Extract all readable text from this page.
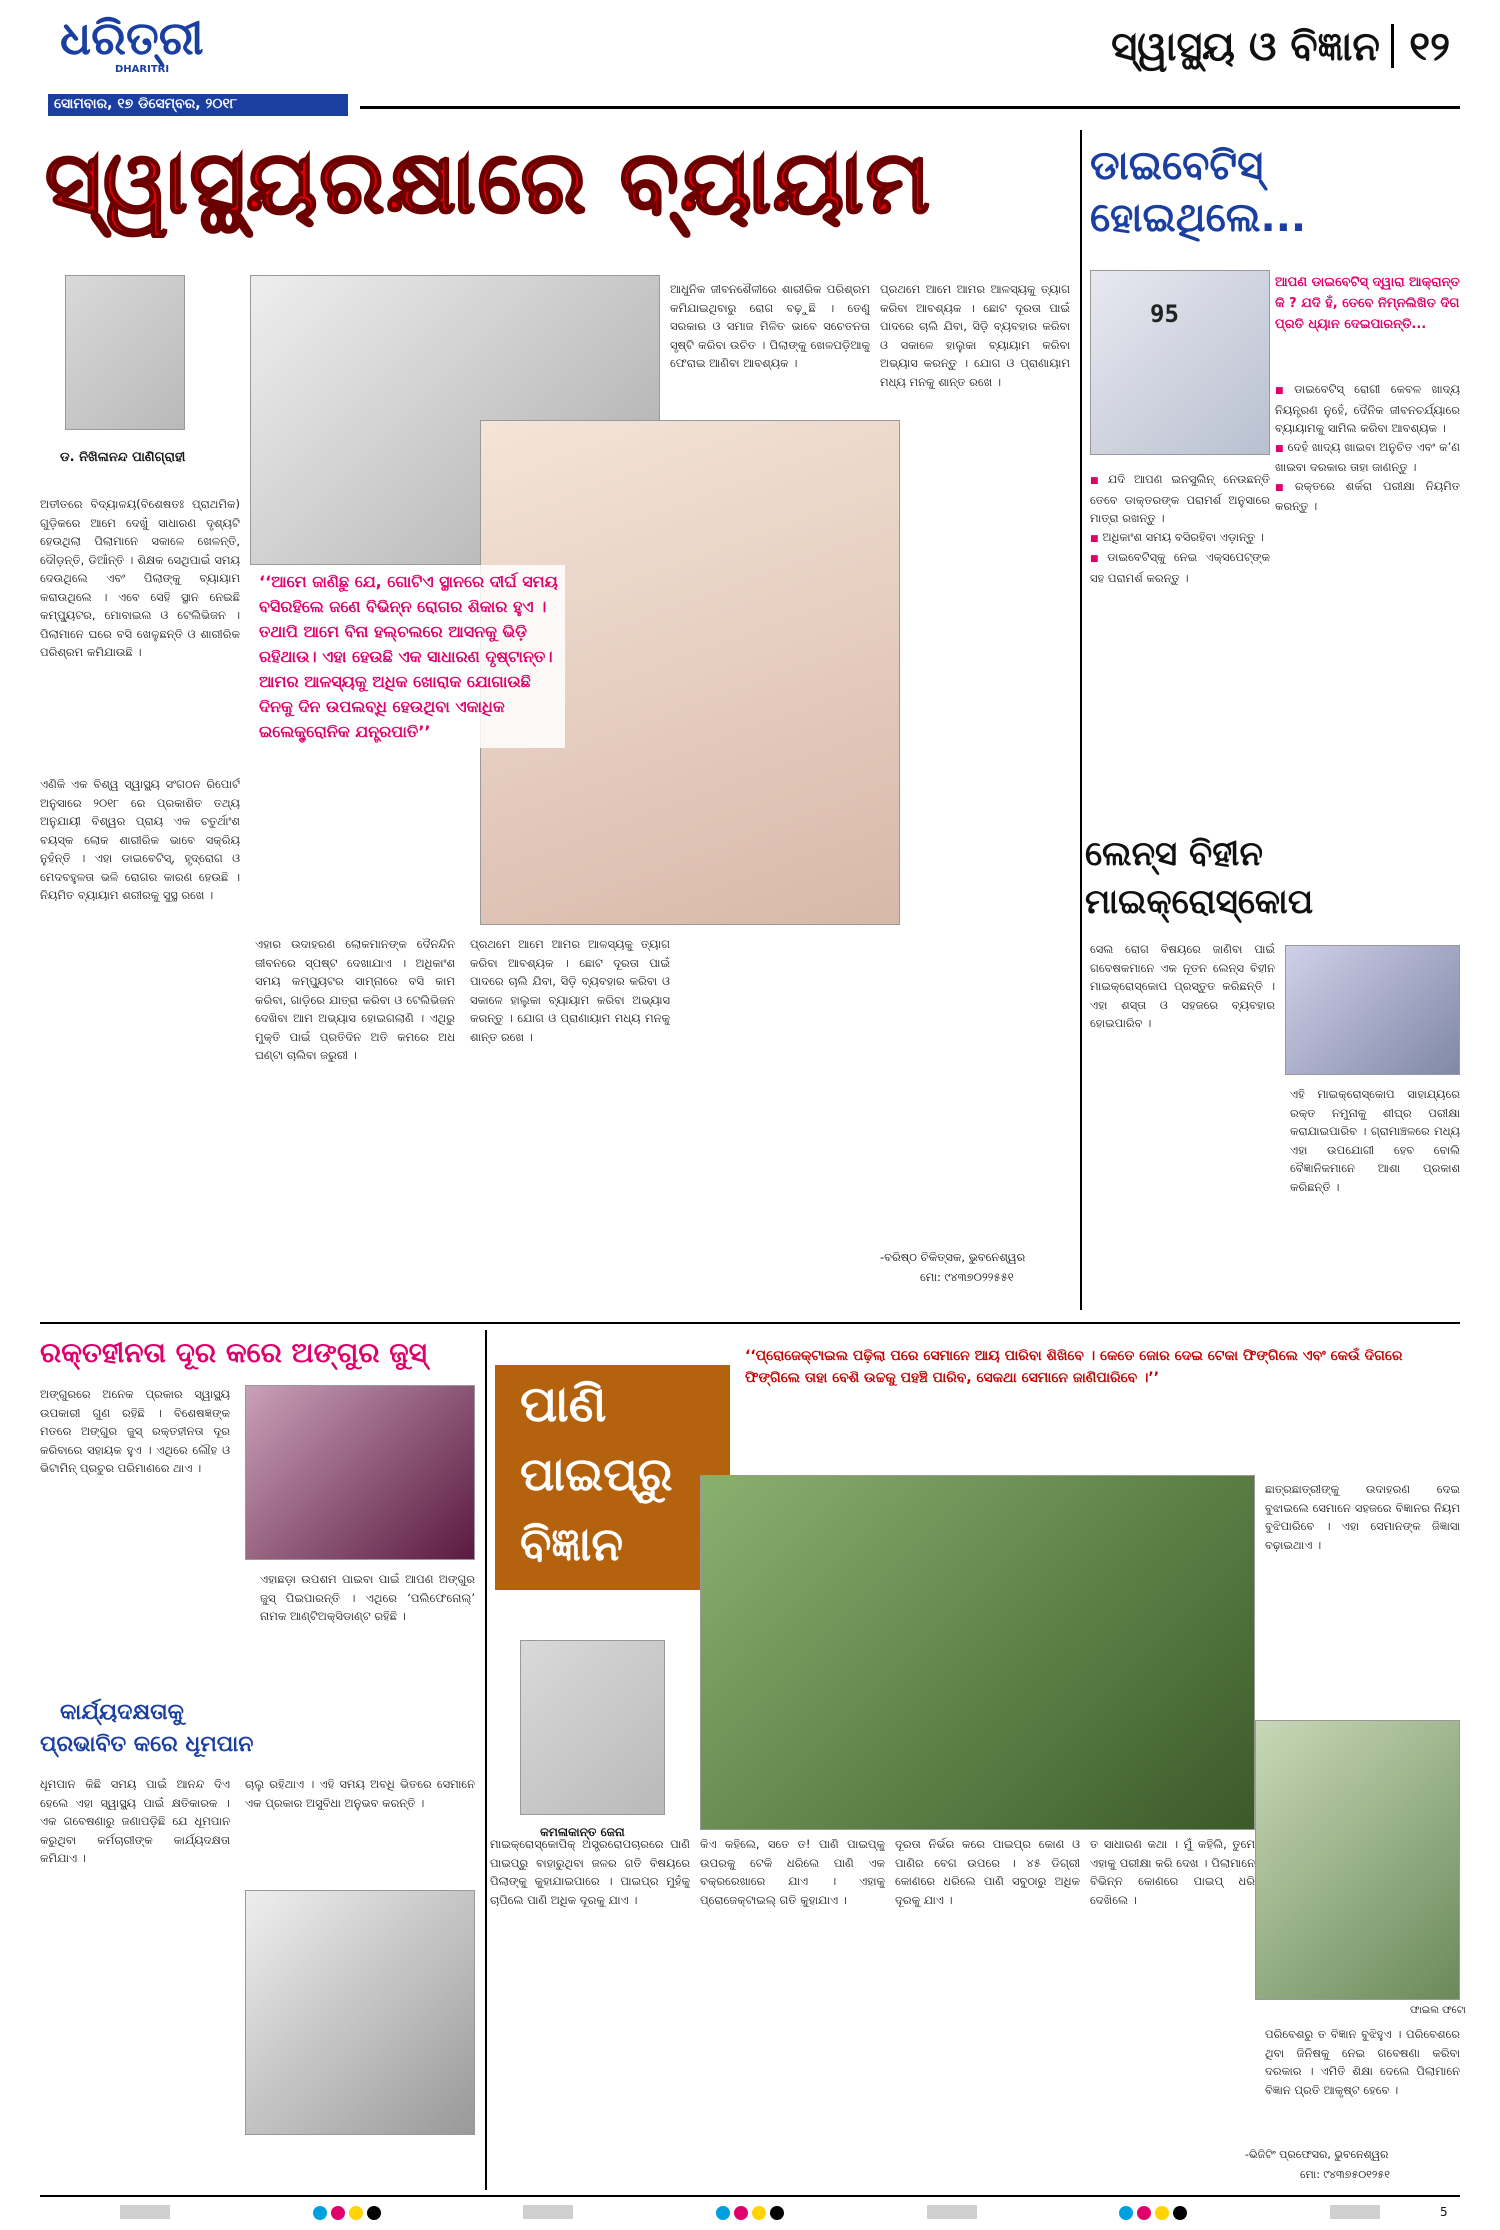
ଧରିତ୍ରୀ
DHARITRI
ସୋମବାର, ୧୭ ଡିସେମ୍ବର, ୨୦୧୮
ସ୍ୱାସ୍ଥ୍ୟ ଓ ବିଜ୍ଞାନ ୧୨
ସ୍ୱାସ୍ଥ୍ୟରକ୍ଷାରେ ବ୍ୟାୟାମ
ଡ. ନିଖିଳାନନ୍ଦ ପାଣିଗ୍ରାହୀ
‘‘ଆମେ ଜାଣିଛୁ ଯେ, ଗୋଟିଏ ସ୍ଥାନରେ ଦୀର୍ଘ ସମୟ ବସିରହିଲେ ଜଣେ ବିଭିନ୍ନ ରୋଗର ଶିକାର ହୁଏ । ତଥାପି ଆମେ ବିନା ହଲ୍‌ଚଲରେ ଆସନକୁ ଭିଡ଼ି ରହିଥାଉ। ଏହା ହେଉଛି ଏକ ସାଧାରଣ ଦୃଷ୍ଟାନ୍ତ। ଆମର ଆଳସ୍ୟକୁ ଅଧିକ ଖୋରାକ ଯୋଗାଉଛି ଦିନକୁ ଦିନ ଉପଲବ୍ଧି ହେଉଥିବା ଏକାଧିକ ଇଲେକ୍ଟ୍ରୋନିକ ଯନ୍ତ୍ରପାତି’’
ଅତୀତରେ ବିଦ୍ୟାଳୟ(ବିଶେଷତଃ ପ୍ରାଥମିକ) ଗୁଡ଼ିକରେ ଆମେ ଦେଖୁଁ ସାଧାରଣ ଦୃଶ୍ୟଟି ହେଉଥିଲା ପିଲାମାନେ ସକାଳେ ଖେଳନ୍ତି, ଦୌଡ଼ନ୍ତି, ଡିଆଁନ୍ତି । ଶିକ୍ଷକ ସେଥିପାଇଁ ସମୟ ଦେଉଥିଲେ ଏବଂ ପିଲାଙ୍କୁ ବ୍ୟାୟାମ କରାଉଥିଲେ । ଏବେ ସେହି ସ୍ଥାନ ନେଇଛି କମ୍ପ୍ୟୁଟର, ମୋବାଇଲ ଓ ଟେଲିଭିଜନ । ପିଲାମାନେ ଘରେ ବସି ଖେଳୁଛନ୍ତି ଓ ଶାରୀରିକ ପରିଶ୍ରମ କମିଯାଉଛି ।
ଏଣିକି ଏକ ବିଶ୍ୱ ସ୍ୱାସ୍ଥ୍ୟ ସଂଗଠନ ରିପୋର୍ଟ ଅନୁସାରେ ୨୦୧୮ ରେ ପ୍ରକାଶିତ ତଥ୍ୟ ଅନୁଯାୟୀ ବିଶ୍ୱର ପ୍ରାୟ ଏକ ଚତୁର୍ଥାଂଶ ବୟସ୍କ ଲୋକ ଶାରୀରିକ ଭାବେ ସକ୍ରିୟ ନୁହଁନ୍ତି । ଏହା ଡାଇବେଟିସ୍, ହୃଦ୍‌ରୋଗ ଓ ମେଦବହୁଳତା ଭଳି ରୋଗର କାରଣ ହେଉଛି । ନିୟମିତ ବ୍ୟାୟାମ ଶରୀରକୁ ସୁସ୍ଥ ରଖେ ।
ଏହାର ଉଦାହରଣ ଲୋକମାନଙ୍କ ଦୈନନ୍ଦିନ ଜୀବନରେ ସ୍ପଷ୍ଟ ଦେଖାଯାଏ । ଅଧିକାଂଶ ସମୟ କମ୍ପ୍ୟୁଟର ସାମ୍ନାରେ ବସି କାମ କରିବା, ଗାଡ଼ିରେ ଯାତ୍ରା କରିବା ଓ ଟେଲିଭିଜନ ଦେଖିବା ଆମ ଅଭ୍ୟାସ ହୋଇଗଲାଣି । ଏଥିରୁ ମୁକ୍ତି ପାଇଁ ପ୍ରତିଦିନ ଅତି କମରେ ଅଧ ଘଣ୍ଟା ଚାଲିବା ଜରୁରୀ ।
ପ୍ରଥମେ ଆମେ ଆମର ଆଳସ୍ୟକୁ ତ୍ୟାଗ କରିବା ଆବଶ୍ୟକ । ଛୋଟ ଦୂରତା ପାଇଁ ପାଦରେ ଚାଲି ଯିବା, ସିଡ଼ି ବ୍ୟବହାର କରିବା ଓ ସକାଳେ ହାଲୁକା ବ୍ୟାୟାମ କରିବା ଅଭ୍ୟାସ କରନ୍ତୁ । ଯୋଗ ଓ ପ୍ରାଣାୟାମ ମଧ୍ୟ ମନକୁ ଶାନ୍ତ ରଖେ ।
ଆଧୁନିକ ଜୀବନଶୈଳୀରେ ଶାରୀରିକ ପରିଶ୍ରମ କମିଯାଇଥିବାରୁ ରୋଗ ବଢ଼ୁଛି । ତେଣୁ ସରକାର ଓ ସମାଜ ମିଳିତ ଭାବେ ସଚେତନତା ସୃଷ୍ଟି କରିବା ଉଚିତ । ପିଲାଙ୍କୁ ଖେଳପଡ଼ିଆକୁ ଫେରାଇ ଆଣିବା ଆବଶ୍ୟକ ।
ପ୍ରଥମେ ଆମେ ଆମର ଆଳସ୍ୟକୁ ତ୍ୟାଗ କରିବା ଆବଶ୍ୟକ । ଛୋଟ ଦୂରତା ପାଇଁ ପାଦରେ ଚାଲି ଯିବା, ସିଡ଼ି ବ୍ୟବହାର କରିବା ଓ ସକାଳେ ହାଲୁକା ବ୍ୟାୟାମ କରିବା ଅଭ୍ୟାସ କରନ୍ତୁ । ଯୋଗ ଓ ପ୍ରାଣାୟାମ ମଧ୍ୟ ମନକୁ ଶାନ୍ତ ରଖେ ।
-ବରିଷ୍ଠ ଚିକିତ୍ସକ, ଭୁବନେଶ୍ୱର
ମୋ: ୯୪୩୭୦୨୨୫୫୧
ଡାଇବେଟିସ୍ ହୋଇଥିଲେ...
95
ଆପଣ ଡାଇବେଟିସ୍ ଦ୍ୱାରା ଆକ୍ରାନ୍ତ କି ? ଯଦି ହଁ, ତେବେ ନିମ୍ନଲିଖିତ ଦିଗ ପ୍ରତି ଧ୍ୟାନ ଦେଇପାରନ୍ତି...
■ ଡାଇବେଟିସ୍ ରୋଗୀ କେବଳ ଖାଦ୍ୟ ନିୟନ୍ତ୍ରଣ ନୁହେଁ, ଦୈନିକ ଜୀବନଚର୍ଯ୍ୟାରେ ବ୍ୟାୟାମକୁ ସାମିଲ କରିବା ଆବଶ୍ୟକ ।
■ ଦେହଁ ଖାଦ୍ୟ ଖାଇବା ଅନୁଚିତ ଏବଂ କ’ଣ ଖାଇବା ଦରକାର ତାହା ଜାଣନ୍ତୁ ।
■ ରକ୍ତରେ ଶର୍କରା ପରୀକ୍ଷା ନିୟମିତ କରନ୍ତୁ ।
■ ଯଦି ଆପଣ ଇନସୁଲିନ୍ ନେଉଛନ୍ତି ତେବେ ଡାକ୍ତରଙ୍କ ପରାମର୍ଶ ଅନୁସାରେ ମାତ୍ରା ରଖନ୍ତୁ ।
■ ଅଧିକାଂଶ ସମୟ ବସିରହିବା ଏଡ଼ାନ୍ତୁ ।
■ ଡାଇବେଟିସ୍‌କୁ ନେଇ ଏକ୍ସପେଟ୍ଙ୍କ ସହ ପରାମର୍ଶ କରନ୍ତୁ ।
ଲେନ୍ସ ବିହୀନ ମାଇକ୍ରୋସ୍କୋପ
ସେଲ ରୋଗ ବିଷୟରେ ଜାଣିବା ପାଇଁ ଗବେଷକମାନେ ଏକ ନୂତନ ଲେନ୍ସ ବିହୀନ ମାଇକ୍ରୋସ୍କୋପ ପ୍ରସ୍ତୁତ କରିଛନ୍ତି । ଏହା ଶସ୍ତା ଓ ସହଜରେ ବ୍ୟବହାର ହୋଇପାରିବ ।
ଏହି ମାଇକ୍ରୋସ୍କୋପ ସାହାଯ୍ୟରେ ରକ୍ତ ନମୁନାକୁ ଶୀଘ୍ର ପରୀକ୍ଷା କରାଯାଇପାରିବ । ଗ୍ରାମାଞ୍ଚଳରେ ମଧ୍ୟ ଏହା ଉପଯୋଗୀ ହେବ ବୋଲି ବୈଜ୍ଞାନିକମାନେ ଆଶା ପ୍ରକାଶ କରିଛନ୍ତି ।
ରକ୍ତହୀନତା ଦୂର କରେ ଅଙ୍ଗୁର ଜୁସ୍
ଅଙ୍ଗୁରରେ ଅନେକ ପ୍ରକାର ସ୍ୱାସ୍ଥ୍ୟ ଉପକାରୀ ଗୁଣ ରହିଛି । ବିଶେଷଜ୍ଞଙ୍କ ମତରେ ଅଙ୍ଗୁର ଜୁସ୍ ରକ୍ତହୀନତା ଦୂର କରିବାରେ ସହାୟକ ହୁଏ । ଏଥିରେ ଲୌହ ଓ ଭିଟାମିନ୍ ପ୍ରଚୁର ପରିମାଣରେ ଥାଏ ।
ଏହାଛଡ଼ା ଉପଶମ ପାଇବା ପାଇଁ ଆପଣ ଅଙ୍ଗୁର ଜୁସ୍ ପିଇପାରନ୍ତି । ଏଥିରେ ‘ପଲିଫେନୋଲ୍’ ନାମକ ଆଣ୍ଟିଅକ୍ସିଡାଣ୍ଟ ରହିଛି ।
କାର୍ଯ୍ୟଦକ୍ଷତାକୁ
ପ୍ରଭାବିତ କରେ ଧୂମପାନ
ଧୂମପାନ କିଛି ସମୟ ପାଇଁ ଆନନ୍ଦ ଦିଏ ହେଲେ ଏହା ସ୍ୱାସ୍ଥ୍ୟ ପାଇଁ କ୍ଷତିକାରକ । ଏକ ଗବେଷଣାରୁ ଜଣାପଡ଼ିଛି ଯେ ଧୂମପାନ କରୁଥିବା କର୍ମଚାରୀଙ୍କ କାର୍ଯ୍ୟଦକ୍ଷତା କମିଯାଏ ।
ଚାଲୁ ରହିଥାଏ । ଏହି ସମୟ ଅବଧି ଭିତରେ ସେମାନେ ଏକ ପ୍ରକାର ଅସୁବିଧା ଅନୁଭବ କରନ୍ତି ।
ପାଣି
ପାଇପ୍‌ରୁ
ବିଜ୍ଞାନ
‘‘ପ୍ରୋଜେକ୍ଟାଇଲ ପଢ଼ିଲା ପରେ ସେମାନେ ଆୟ ପାରିବା ଶିଖିବେ । କେତେ ଜୋର ଦେଇ ଟେକା ଫିଙ୍ଗିଲେ ଏବଂ କେଉଁ ଦିଗରେ ଫିଙ୍ଗିଲେ ତାହା ବେଶି ଉଚ୍ଚକୁ ପହଞ୍ଚି ପାରିବ, ସେକଥା ସେମାନେ ଜାଣିପାରିବେ ।’’
କମଳାକାନ୍ତ ଜେନା
ଛାତ୍ରଛାତ୍ରୀଙ୍କୁ ଉଦାହରଣ ଦେଇ ବୁଝାଇଲେ ସେମାନେ ସହଜରେ ବିଜ୍ଞାନର ନିୟମ ବୁଝିପାରିବେ । ଏହା ସେମାନଙ୍କ ଜିଜ୍ଞାସା ବଢ଼ାଇଥାଏ ।
ଫାଇଲ ଫଟୋ
ମାଇକ୍ରୋସ୍କୋପିକ୍ ଅସ୍ତ୍ରରୋପଚାରରେ ପାଣି ପାଇପ୍‌ରୁ ବାହାରୁଥିବା ଜଳର ଗତି ବିଷୟରେ ପିଲାଙ୍କୁ କୁହାଯାଇପାରେ । ପାଇପ୍‌ର ମୁହଁକୁ ଚାପିଲେ ପାଣି ଅଧିକ ଦୂରକୁ ଯାଏ ।
କିଏ କହିଲେ, ସତେ ତ! ପାଣି ପାଇପ୍‌କୁ ଉପରକୁ ଟେକି ଧରିଲେ ପାଣି ଏକ ବକ୍ରରେଖାରେ ଯାଏ । ଏହାକୁ ପ୍ରୋଜେକ୍ଟାଇଲ୍ ଗତି କୁହାଯାଏ ।
ଦୂରତା ନିର୍ଭର କରେ ପାଇପ୍‌ର କୋଣ ଓ ପାଣିର ବେଗ ଉପରେ । ୪୫ ଡିଗ୍ରୀ କୋଣରେ ଧରିଲେ ପାଣି ସବୁଠାରୁ ଅଧିକ ଦୂରକୁ ଯାଏ ।
ତ ସାଧାରଣ କଥା । ମୁଁ କହିଲି, ତୁମେ ଏହାକୁ ପରୀକ୍ଷା କରି ଦେଖ । ପିଲାମାନେ ବିଭିନ୍ନ କୋଣରେ ପାଇପ୍ ଧରି ଦେଖିଲେ ।
ପରିବେଶରୁ ତ ବିଜ୍ଞାନ ବୁଝିହୁଏ । ପରିବେଶରେ ଥିବା ଜିନିଷକୁ ନେଇ ଗବେଷଣା କରିବା ଦରକାର । ଏମିତି ଶିକ୍ଷା ଦେଲେ ପିଲାମାନେ ବିଜ୍ଞାନ ପ୍ରତି ଆକୃଷ୍ଟ ହେବେ ।
-ଭିଜିଟିଂ ପ୍ରଫେସର, ଭୁବନେଶ୍ୱର
ମୋ: ୯୪୩୭୫୦୧୨୫୧
5
